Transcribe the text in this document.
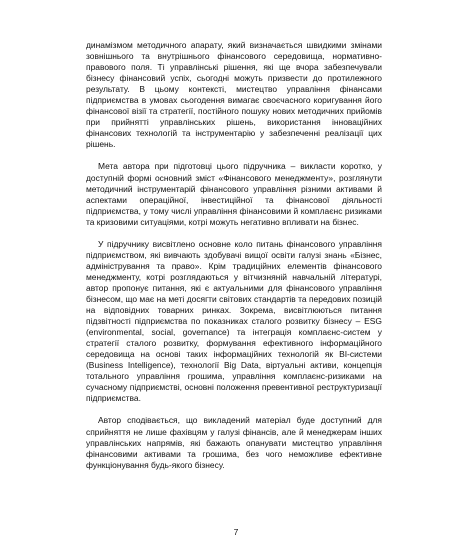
динамізмом методичного апарату, який визначається швидкими змінами зовнішнього та внутрішнього фінансового середовища, нормативно-правового поля. Ті управлінські рішення, які ще вчора забезпечували бізнесу фінансовий успіх, сьогодні можуть призвести до протилежного результату. В цьому контексті, мистецтво управління фінансами підприємства в умовах сьогодення вимагає своєчасного коригування його фінансової візії та стратегії, постійного пошуку нових методичних прийомів при прийнятті управлінських рішень, використання інноваційних фінансових технологій та інструментарію у забезпеченні реалізації цих рішень.

Мета автора при підготовці цього підручника – викласти коротко, у доступній формі основний зміст «Фінансового менеджменту», розглянути методичний інструментарій фінансового управління різними активами й аспектами операційної, інвестиційної та фінансової діяльності підприємства, у тому числі управління фінансовими й комплаєнс ризиками та кризовими ситуаціями, котрі можуть негативно впливати на бізнес.

У підручнику висвітлено основне коло питань фінансового управління підприємством, які вивчають здобувачі вищої освіти галузі знань «Бізнес, адміністрування та право». Крім традиційних елементів фінансового менеджменту, котрі розглядаються у вітчизняній навчальній літературі, автор пропонує питання, які є актуальними для фінансового управління бізнесом, що має на меті досягти світових стандартів та передових позицій на відповідних товарних ринках. Зокрема, висвітлюються питання підзвітності підприємства по показниках сталого розвитку бізнесу – ESG (environmental, social, governance) та інтеграція комплаєнс-систем у стратегії сталого розвитку, формування ефективного інформаційного середовища на основі таких інформаційних технологій як BI-системи (Business Intelligence), технології Big Data, віртуальні активи, концепція тотального управління грошима, управління комплаєнс-ризиками на сучасному підприємстві, основні положення превентивної реструктуризації підприємства.

Автор сподівається, що викладений матеріал буде доступний для сприйняття не лише фахівцям у галузі фінансів, але й менеджерам інших управлінських напрямів, які бажають опанувати мистецтво управління фінансовими активами та грошима, без чого неможливе ефективне функціонування будь-якого бізнесу.

7
